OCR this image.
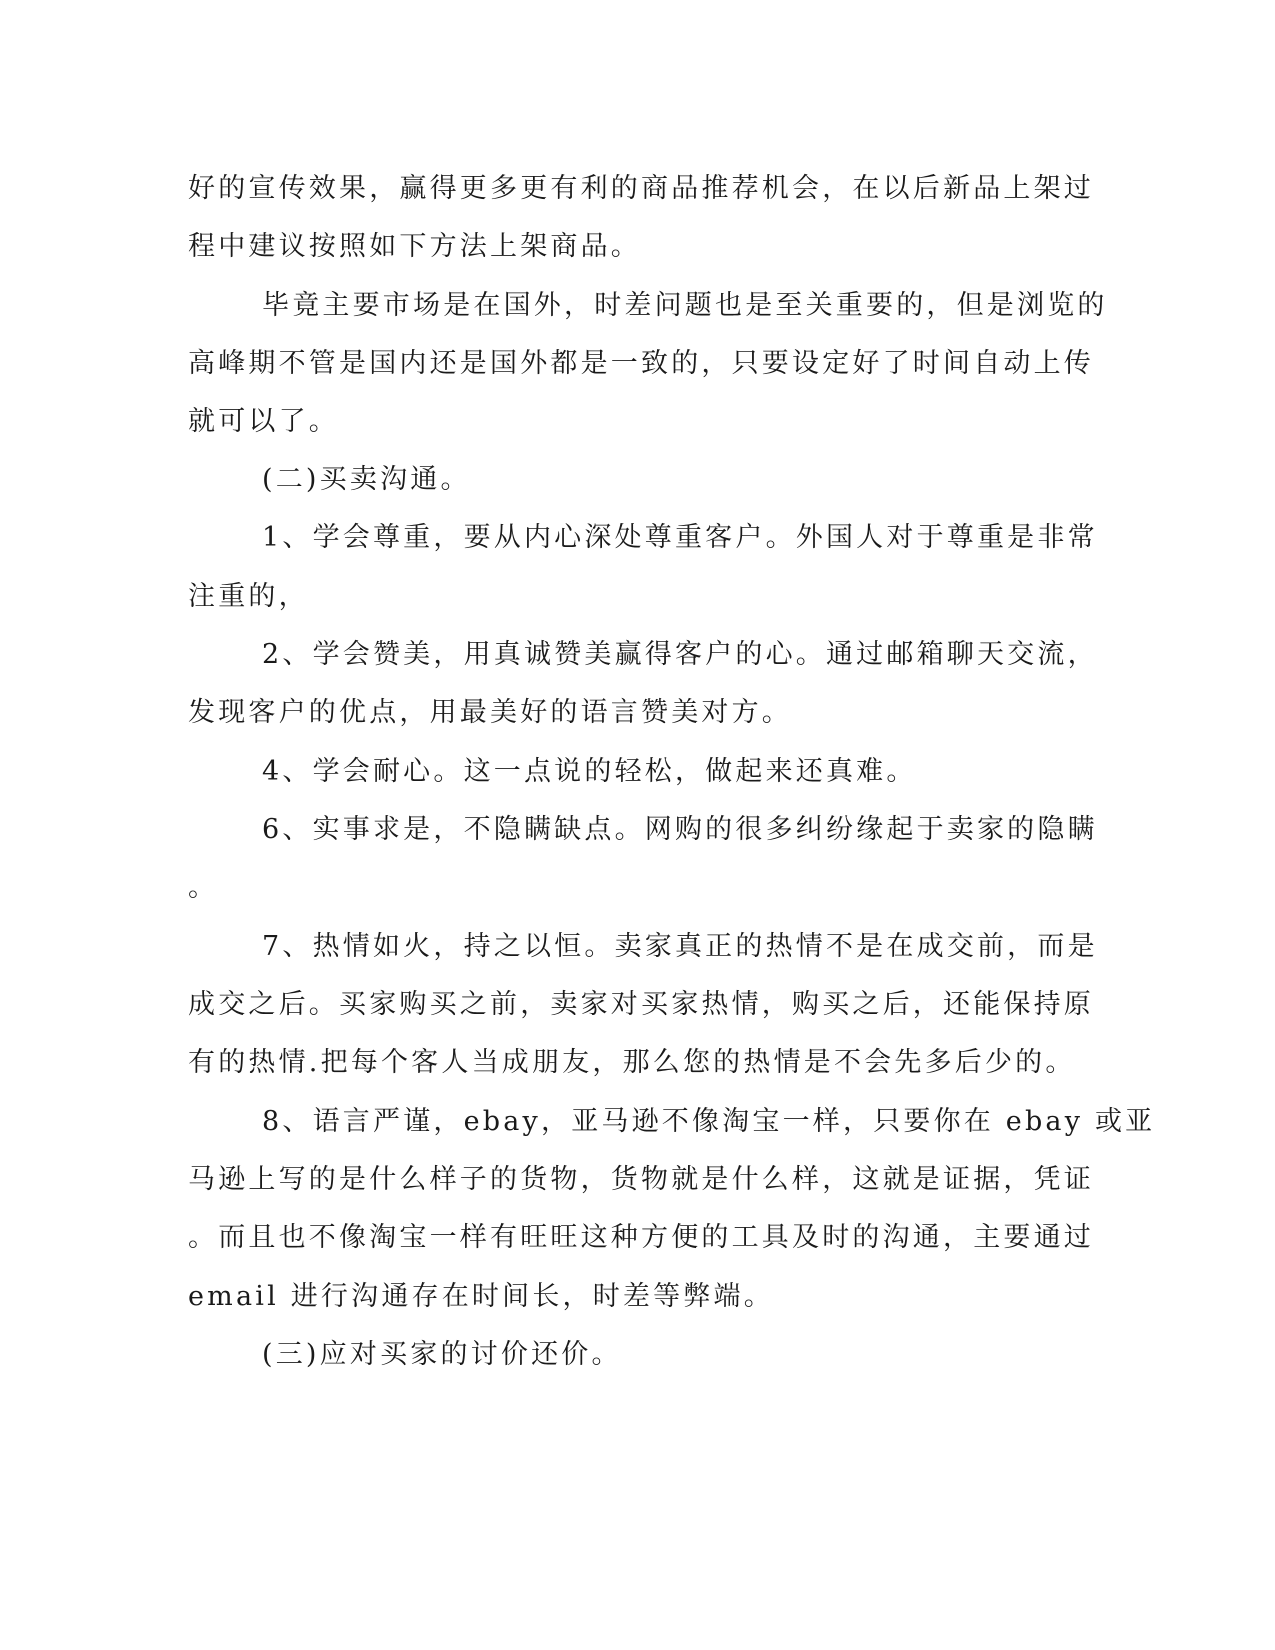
好的宣传效果，赢得更多更有利的商品推荐机会，在以后新品上架过
程中建议按照如下方法上架商品。
毕竟主要市场是在国外，时差问题也是至关重要的，但是浏览的
高峰期不管是国内还是国外都是一致的，只要设定好了时间自动上传
就可以了。
(二)买卖沟通。
1、学会尊重，要从内心深处尊重客户。外国人对于尊重是非常
注重的，
2、学会赞美，用真诚赞美赢得客户的心。通过邮箱聊天交流，
发现客户的优点，用最美好的语言赞美对方。
4、学会耐心。这一点说的轻松，做起来还真难。
6、实事求是，不隐瞒缺点。网购的很多纠纷缘起于卖家的隐瞒
。
7、热情如火，持之以恒。卖家真正的热情不是在成交前，而是
成交之后。买家购买之前，卖家对买家热情，购买之后，还能保持原
有的热情.把每个客人当成朋友，那么您的热情是不会先多后少的。
8、语言严谨，ebay，亚马逊不像淘宝一样，只要你在 ebay 或亚
马逊上写的是什么样子的货物，货物就是什么样，这就是证据，凭证
。而且也不像淘宝一样有旺旺这种方便的工具及时的沟通，主要通过
email 进行沟通存在时间长，时差等弊端。
(三)应对买家的讨价还价。
